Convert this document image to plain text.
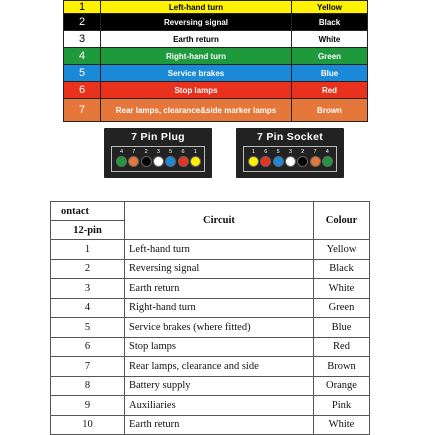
1	Left-hand turn	Yellow
2	Reversing signal	Black
3	Earth return	White
4	Right-hand turn	Green
5	Service brakes	Blue
6	Stop lamps	Red
7	Rear lamps, clearance&side marker lamps	Brown
7 Pin Plug
4	7	2	3	5	6	1
7 Pin Socket
1	6	5	3	2	7	4
ontact	Circuit	Colour
12-pin		
1	Left-hand turn	Yellow
2	Reversing signal	Black
3	Earth return	White
4	Right-hand turn	Green
5	Service brakes (where fitted)	Blue
6	Stop lamps	Red
7	Rear lamps, clearance and side	Brown
8	Battery supply	Orange
9	Auxiliaries	Pink
10	Earth return	White
